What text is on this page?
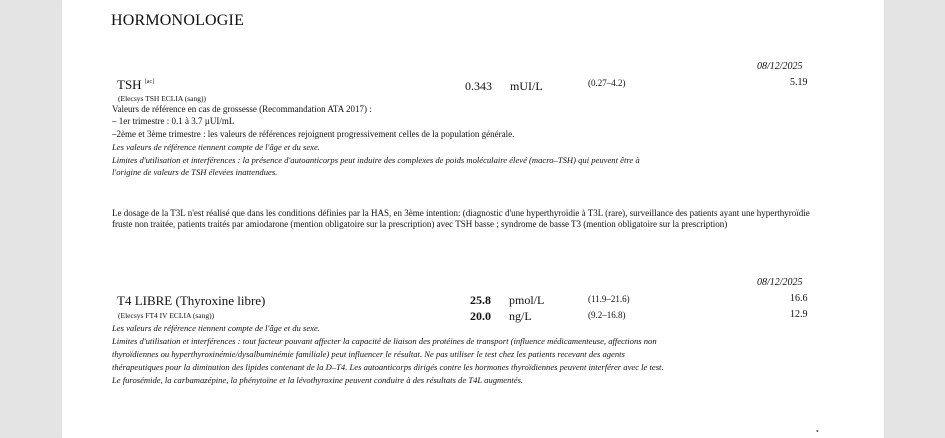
HORMONOLOGIE
08/12/2025
TSH [ac]	0.343 mUI/L	(0.27–4.2)	5.19
(Elecsys TSH ECLIA (sang))
Valeurs de référence en cas de grossesse (Recommandation ATA 2017) :
– 1er trimestre : 0.1 à 3.7 µUI/mL
–2ème et 3ème trimestre : les valeurs de références rejoignent progressivement celles de la population générale.
Les valeurs de référence tiennent compte de l'âge et du sexe.
Limites d'utilisation et interférences : la présence d'autoanticorps peut induire des complexes de poids moléculaire élevé (macro–TSH) qui peuvent être à
l'origine de valeurs de TSH élevées inattendues.
Le dosage de la T3L n'est réalisé que dans les conditions définies par la HAS, en 3ème intention: (diagnostic d'une hyperthyroïdie à T3L (rare), surveillance des patients ayant une hyperthyroïdie fruste non traitée, patients traités par amiodarone (mention obligatoire sur la prescription) avec TSH basse ; syndrome de basse T3 (mention obligatoire sur la prescription)
08/12/2025
T4 LIBRE (Thyroxine libre)	25.8 pmol/L	(11.9–21.6)	16.6
(Elecsys FT4 IV ECLIA (sang))	20.0 ng/L	(9.2–16.8)	12.9
Les valeurs de référence tiennent compte de l'âge et du sexe.
Limites d'utilisation et interférences : tout facteur pouvant affecter la capacité de liaison des protéines de transport (influence médicamenteuse, affections non
thyroïdiennes ou hyperthyroxinémie/dysalbuminémie familiale) peut influencer le résultat. Ne pas utiliser le test chez les patients recevant des agents
thérapeutiques pour la diminution des lipides contenant de la D–T4. Les autoanticorps dirigés contre les hormones thyroïdiennes peuvent interférer avec le test.
Le furosémide, la carbamazépine, la phénytoïne et la lévothyroxine peuvent conduire à des résultats de T4L augmentés.
•
